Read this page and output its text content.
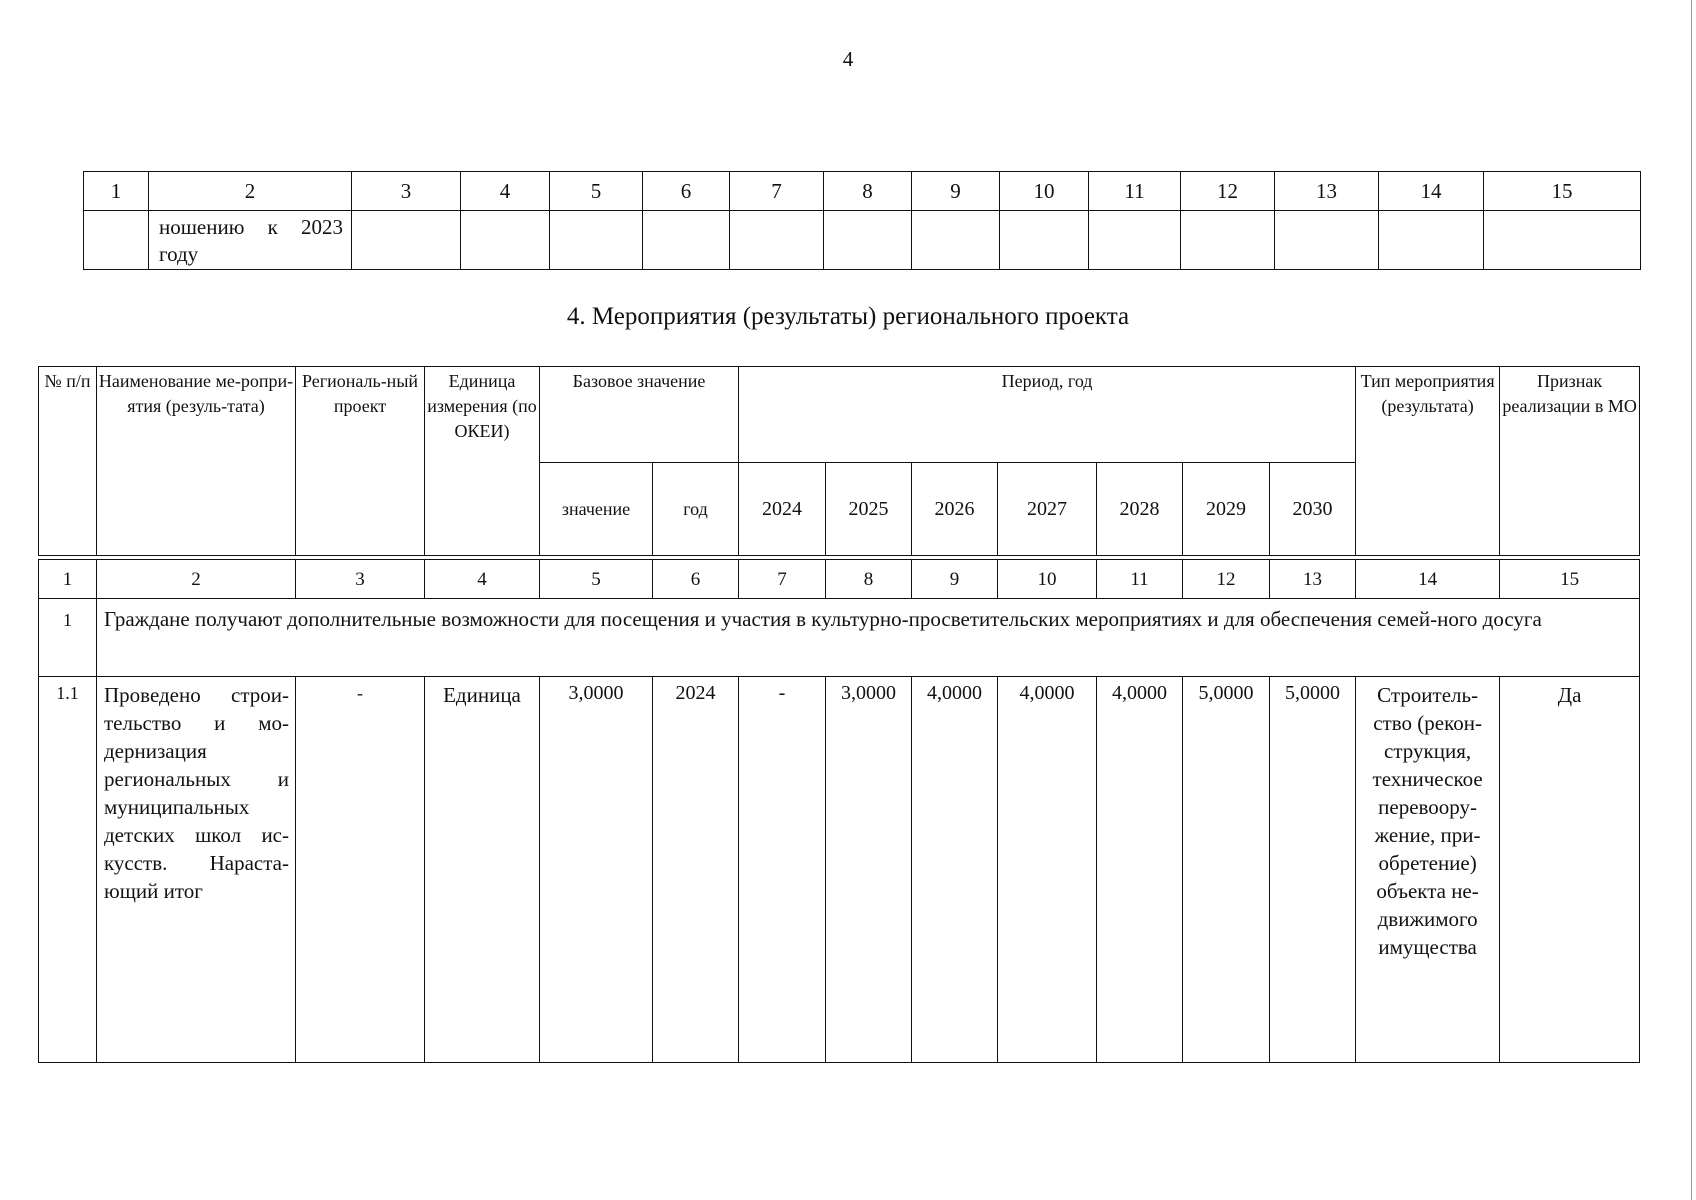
4
1	2	3	4	5	6	7	8	9	10	11	12	13	14	15
	ношению к 2023 году													
4. Мероприятия (результаты) регионального проекта
№ п/п	Наименование ме-роприятия (резуль-тата)	Региональ-ный проект	Единица измерения (по ОКЕИ)	Базовое значение		Период, год							Тип мероприятия (результата)	Признак реализации в МО
				значение	год	2024	2025	2026	2027	2028	2029	2030		

1	2	3	4	5	6	7	8	9	10	11	12	13	14	15
1	Граждане получают дополнительные возможности для посещения и участия в культурно-просветительских мероприятиях и для обеспечения семей-ного досуга													
1.1	Проведено строи-тельство и мо-дернизация региональных и муниципальных детских школ ис-кусств. Нараста-ющий итог	-	Единица	3,0000	2024	-	3,0000	4,0000	4,0000	4,0000	5,0000	5,0000	Строитель-ство (рекон-струкция, техническое перевоору-жение, при-обретение) объекта не-движимого имущества	Да
